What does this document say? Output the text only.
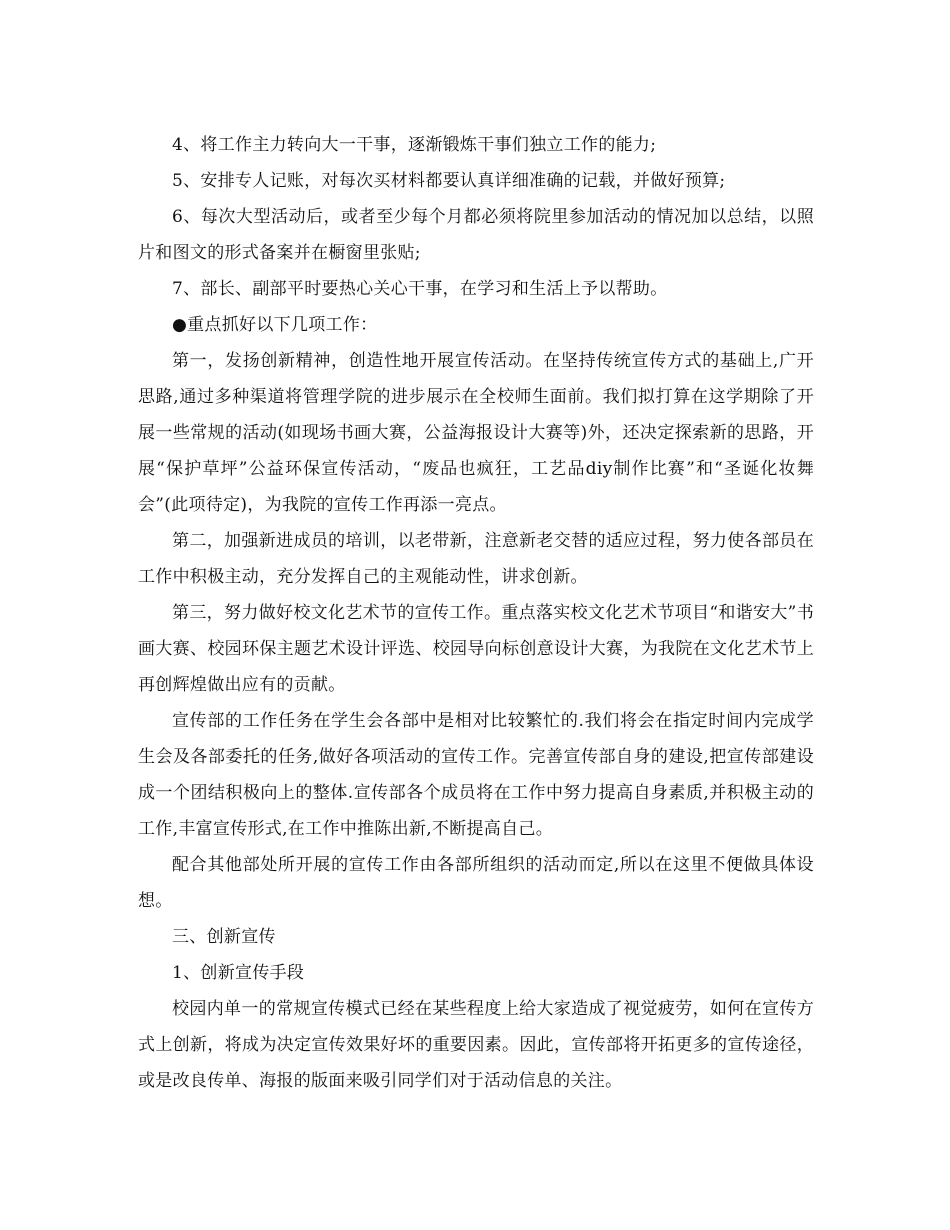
4、将工作主力转向大一干事，逐渐锻炼干事们独立工作的能力;

5、安排专人记账，对每次买材料都要认真详细准确的记载，并做好预算;

6、每次大型活动后，或者至少每个月都必须将院里参加活动的情况加以总结，以照片和图文的形式备案并在橱窗里张贴;

7、部长、副部平时要热心关心干事，在学习和生活上予以帮助。

●重点抓好以下几项工作：

第一，发扬创新精神，创造性地开展宣传活动。在坚持传统宣传方式的基础上,广开思路,通过多种渠道将管理学院的进步展示在全校师生面前。我们拟打算在这学期除了开展一些常规的活动(如现场书画大赛，公益海报设计大赛等)外，还决定探索新的思路，开展“保护草坪”公益环保宣传活动，“废品也疯狂，工艺品diy制作比赛”和“圣诞化妆舞会”(此项待定)，为我院的宣传工作再添一亮点。

第二，加强新进成员的培训，以老带新，注意新老交替的适应过程，努力使各部员在工作中积极主动，充分发挥自己的主观能动性，讲求创新。

第三，努力做好校文化艺术节的宣传工作。重点落实校文化艺术节项目“和谐安大”书画大赛、校园环保主题艺术设计评选、校园导向标创意设计大赛，为我院在文化艺术节上再创辉煌做出应有的贡献。

宣传部的工作任务在学生会各部中是相对比较繁忙的.我们将会在指定时间内完成学生会及各部委托的任务,做好各项活动的宣传工作。完善宣传部自身的建设,把宣传部建设成一个团结积极向上的整体.宣传部各个成员将在工作中努力提高自身素质,并积极主动的工作,丰富宣传形式,在工作中推陈出新,不断提高自己。

配合其他部处所开展的宣传工作由各部所组织的活动而定,所以在这里不便做具体设想。

三、创新宣传

1、创新宣传手段

校园内单一的常规宣传模式已经在某些程度上给大家造成了视觉疲劳，如何在宣传方式上创新，将成为决定宣传效果好坏的重要因素。因此，宣传部将开拓更多的宣传途径，或是改良传单、海报的版面来吸引同学们对于活动信息的关注。
